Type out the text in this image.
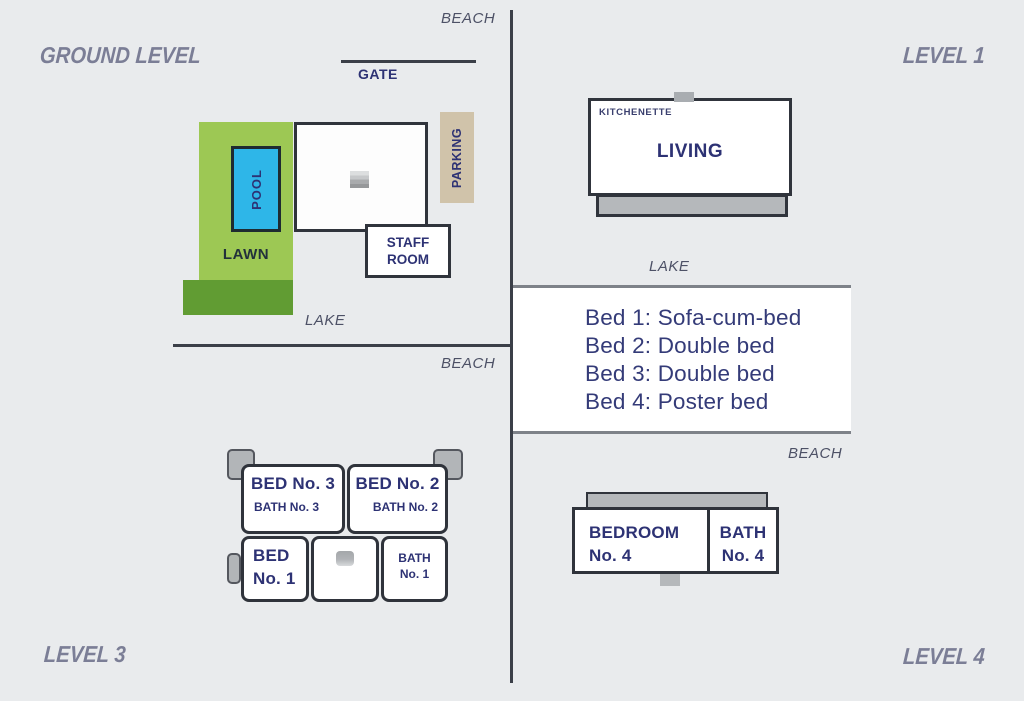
GROUND LEVEL
BEACH
GATE
LAWN
POOL
PARKING
STAFF ROOM
LAKE
BEACH
LEVEL 1
KITCHENETTE
LIVING
LAKE
Bed 1: Sofa-cum-bed
Bed 2: Double bed
Bed 3: Double bed
Bed 4: Poster bed
BEACH
BED No. 3
BATH No. 3
BED No. 2
BATH No. 2
BED
No. 1
BATH
No. 1
LEVEL 3
BEDROOM
No. 4
BATH
No. 4
LEVEL 4
